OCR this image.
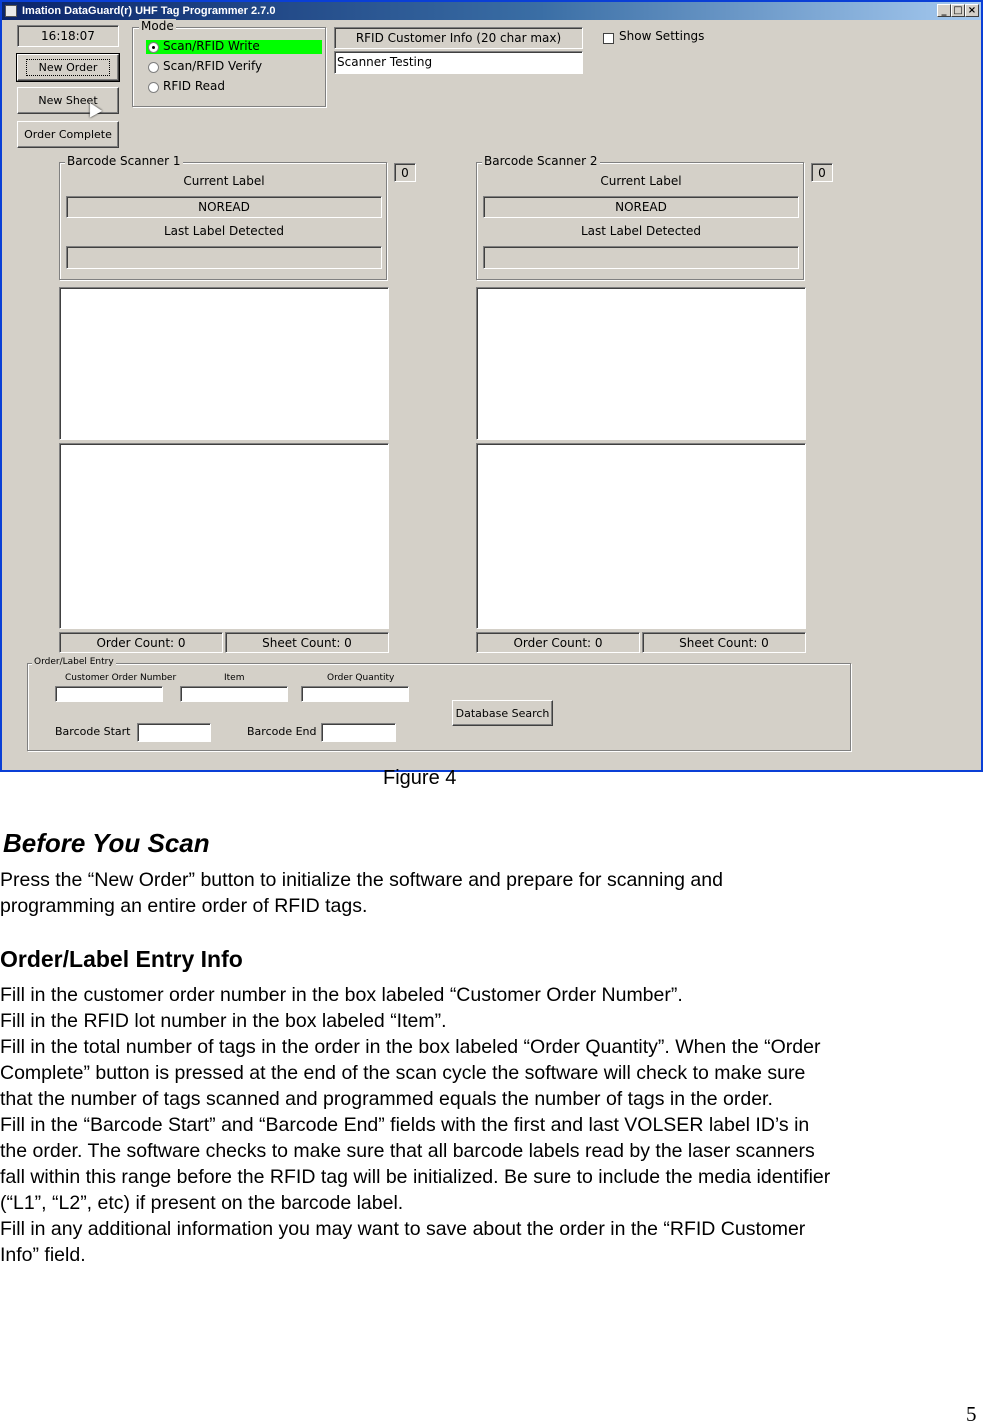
Imation DataGuard(r) UHF Tag Programmer 2.7.0	_ □ ×
16:18:07
New Order
New Sheet
Order Complete
Mode
Scan/RFID Write
Scan/RFID Verify
RFID Read
RFID Customer Info (20 char max)
Scanner Testing
Show Settings
Barcode Scanner 1
0
Current Label
NOREAD
Last Label Detected
Order Count: 0	Sheet Count: 0
Barcode Scanner 2
0
Current Label
NOREAD
Last Label Detected
Order Count: 0	Sheet Count: 0
Order/Label Entry
Customer Order Number	Item	Order Quantity
Database Search
Barcode Start	Barcode End
Figure 4
Before You Scan
Press the “New Order” button to initialize the software and prepare for scanning and
programming an entire order of RFID tags.
Order/Label Entry Info
Fill in the customer order number in the box labeled “Customer Order Number”.
Fill in the RFID lot number in the box labeled “Item”.
Fill in the total number of tags in the order in the box labeled “Order Quantity”. When the “Order
Complete” button is pressed at the end of the scan cycle the software will check to make sure
that the number of tags scanned and programmed equals the number of tags in the order.
Fill in the “Barcode Start” and “Barcode End” fields with the first and last VOLSER label ID’s in
the order. The software checks to make sure that all barcode labels read by the laser scanners
fall within this range before the RFID tag will be initialized. Be sure to include the media identifier
(“L1”, “L2”, etc) if present on the barcode label.
Fill in any additional information you may want to save about the order in the “RFID Customer
Info” field.
5
